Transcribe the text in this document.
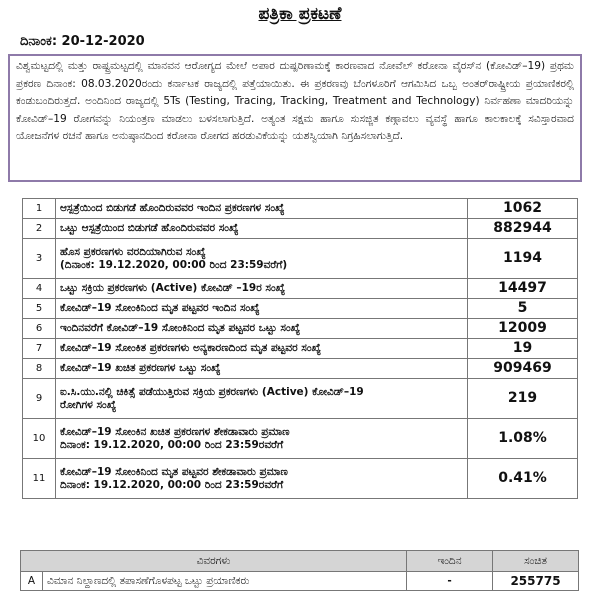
ಪತ್ರಿಕಾ ಪ್ರಕಟಣೆ
ದಿನಾಂಕ: 20-12-2020
ವಿಶ್ವಮಟ್ಟದಲ್ಲಿ ಮತ್ತು ರಾಷ್ಟ್ರಮಟ್ಟದಲ್ಲಿ ಮಾನವನ ಆರೋಗ್ಯದ ಮೇಲೆ ಅಪಾರ ದುಷ್ಪರಿಣಾಮಕ್ಕೆ ಕಾರಣವಾದ ನೋವೆಲ್ ಕರೋನಾ ವೈರಸ್‌ನ (ಕೋವಿಡ್–19) ಪ್ರಥಮ ಪ್ರಕರಣ ದಿನಾಂಕ: 08.03.2020ರಂದು ಕರ್ನಾಟಕ ರಾಜ್ಯದಲ್ಲಿ ಪತ್ತೆಯಾಯಿತು. ಈ ಪ್ರಕರಣವು ಬೆಂಗಳೂರಿಗೆ ಆಗಮಿಸಿದ ಒಬ್ಬ ಅಂತರ್‌ರಾಷ್ಟ್ರೀಯ ಪ್ರಯಾಣಿಕರಲ್ಲಿ ಕಂಡುಬಂದಿರುತ್ತದೆ. ಅಂದಿನಿಂದ ರಾಜ್ಯದಲ್ಲಿ 5Ts (Testing, Tracing, Tracking, Treatment and Technology) ನಿರ್ವಹಣಾ ಮಾದರಿಯನ್ನು ಕೋವಿಡ್–19 ರೋಗವನ್ನು ನಿಯಂತ್ರಣ ಮಾಡಲು ಬಳಸಲಾಗುತ್ತಿದೆ. ಅತ್ಯಂತ ಸಕ್ಷಮ ಹಾಗೂ ಸುಸಜ್ಜಿತ ಕಣ್ಗಾವಲು ವ್ಯವಸ್ಥೆ ಹಾಗೂ ಕಾಲಕಾಲಕ್ಕೆ ಸವಿಸ್ತಾರವಾದ ಯೋಜನೆಗಳ ರಚನೆ ಹಾಗೂ ಅನುಷ್ಠಾನದಿಂದ ಕರೋನಾ ರೋಗದ ಹರಡುವಿಕೆಯನ್ನು ಯಶಸ್ವಿಯಾಗಿ ನಿಗ್ರಹಿಸಲಾಗುತ್ತಿದೆ.
1	ಆಸ್ಪತ್ರೆಯಿಂದ ಬಿಡುಗಡೆ ಹೊಂದಿರುವವರ ಇಂದಿನ ಪ್ರಕರಣಗಳ ಸಂಖ್ಯೆ	1062
2	ಒಟ್ಟು ಆಸ್ಪತ್ರೆಯಿಂದ ಬಿಡುಗಡೆ ಹೊಂದಿರುವವರ ಸಂಖ್ಯೆ	882944
3	ಹೊಸ ಪ್ರಕರಣಗಳು ವರದಿಯಾಗಿರುವ ಸಂಖ್ಯೆ
(ದಿನಾಂಕ: 19.12.2020, 00:00 ರಿಂದ 23:59ವರೆಗೆ)	1194
4	ಒಟ್ಟು ಸಕ್ರಿಯ ಪ್ರಕರಣಗಳು (Active) ಕೋವಿಡ್ –19ರ ಸಂಖ್ಯೆ	14497
5	ಕೋವಿಡ್–19 ಸೋಂಕಿನಿಂದ ಮೃತ ಪಟ್ಟವರ ಇಂದಿನ ಸಂಖ್ಯೆ	5
6	ಇಂದಿನವರೆಗೆ ಕೋವಿಡ್–19 ಸೋಂಕಿನಿಂದ ಮೃತ ಪಟ್ಟವರ ಒಟ್ಟು ಸಂಖ್ಯೆ	12009
7	ಕೋವಿಡ್–19 ಸೋಂಕಿತ ಪ್ರಕರಣಗಳು ಅನ್ಯಕಾರಣದಿಂದ ಮೃತ ಪಟ್ಟವರ ಸಂಖ್ಯೆ	19
8	ಕೋವಿಡ್–19 ಖಚಿತ ಪ್ರಕರಣಗಳ ಒಟ್ಟು ಸಂಖ್ಯೆ	909469
9	ಐ.ಸಿ.ಯು.ನಲ್ಲಿ ಚಿಕಿತ್ಸೆ ಪಡೆಯುತ್ತಿರುವ ಸಕ್ರಿಯ ಪ್ರಕರಣಗಳು (Active) ಕೋವಿಡ್–19
ರೋಗಿಗಳ ಸಂಖ್ಯೆ	219
10	ಕೋವಿಡ್–19 ಸೋಂಕಿನ ಖಚಿತ ಪ್ರಕರಣಗಳ ಶೇಕಡಾವಾರು ಪ್ರಮಾಣ
ದಿನಾಂಕ: 19.12.2020, 00:00 ರಿಂದ 23:59ರವರೆಗೆ	1.08%
11	ಕೋವಿಡ್–19 ಸೋಂಕಿನಿಂದ ಮೃತ ಪಟ್ಟವರ ಶೇಕಡಾವಾರು ಪ್ರಮಾಣ
ದಿನಾಂಕ: 19.12.2020, 00:00 ರಿಂದ 23:59ರವರೆಗೆ	0.41%
ವಿವರಗಳು		ಇಂದಿನ	ಸಂಚಿತ
A	ವಿಮಾನ ನಿಲ್ದಾಣದಲ್ಲಿ ತಪಾಸಣೆಗೊಳಪಟ್ಟ ಒಟ್ಟು ಪ್ರಯಾಣಿಕರು	-	255775
